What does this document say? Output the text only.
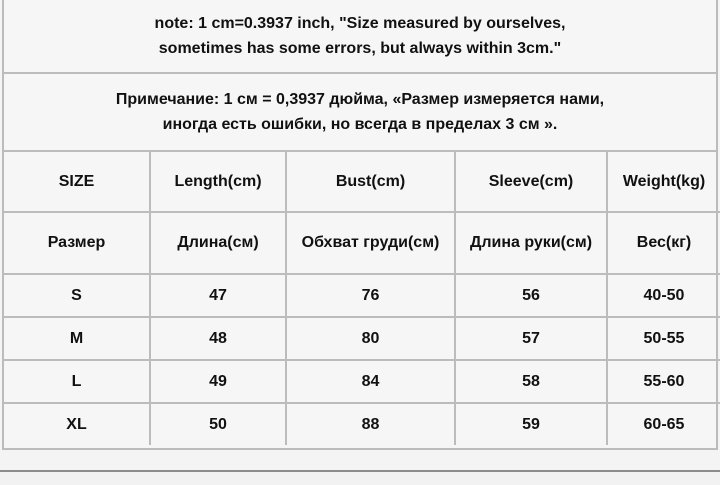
note: 1 cm=0.3937 inch, "Size measured by ourselves,
sometimes has some errors, but always within 3cm."
Примечание: 1 см = 0,3937 дюйма, «Размер измеряется нами,
иногда есть ошибки, но всегда в пределах 3 см ».
SIZE	Length(cm)	Bust(cm)	Sleeve(cm)	Weight(kg)
Размер	Длина(см)	Обхват груди(см)	Длина руки(см)	Вес(кг)
S	47	76	56	40-50
M	48	80	57	50-55
L	49	84	58	55-60
XL	50	88	59	60-65
